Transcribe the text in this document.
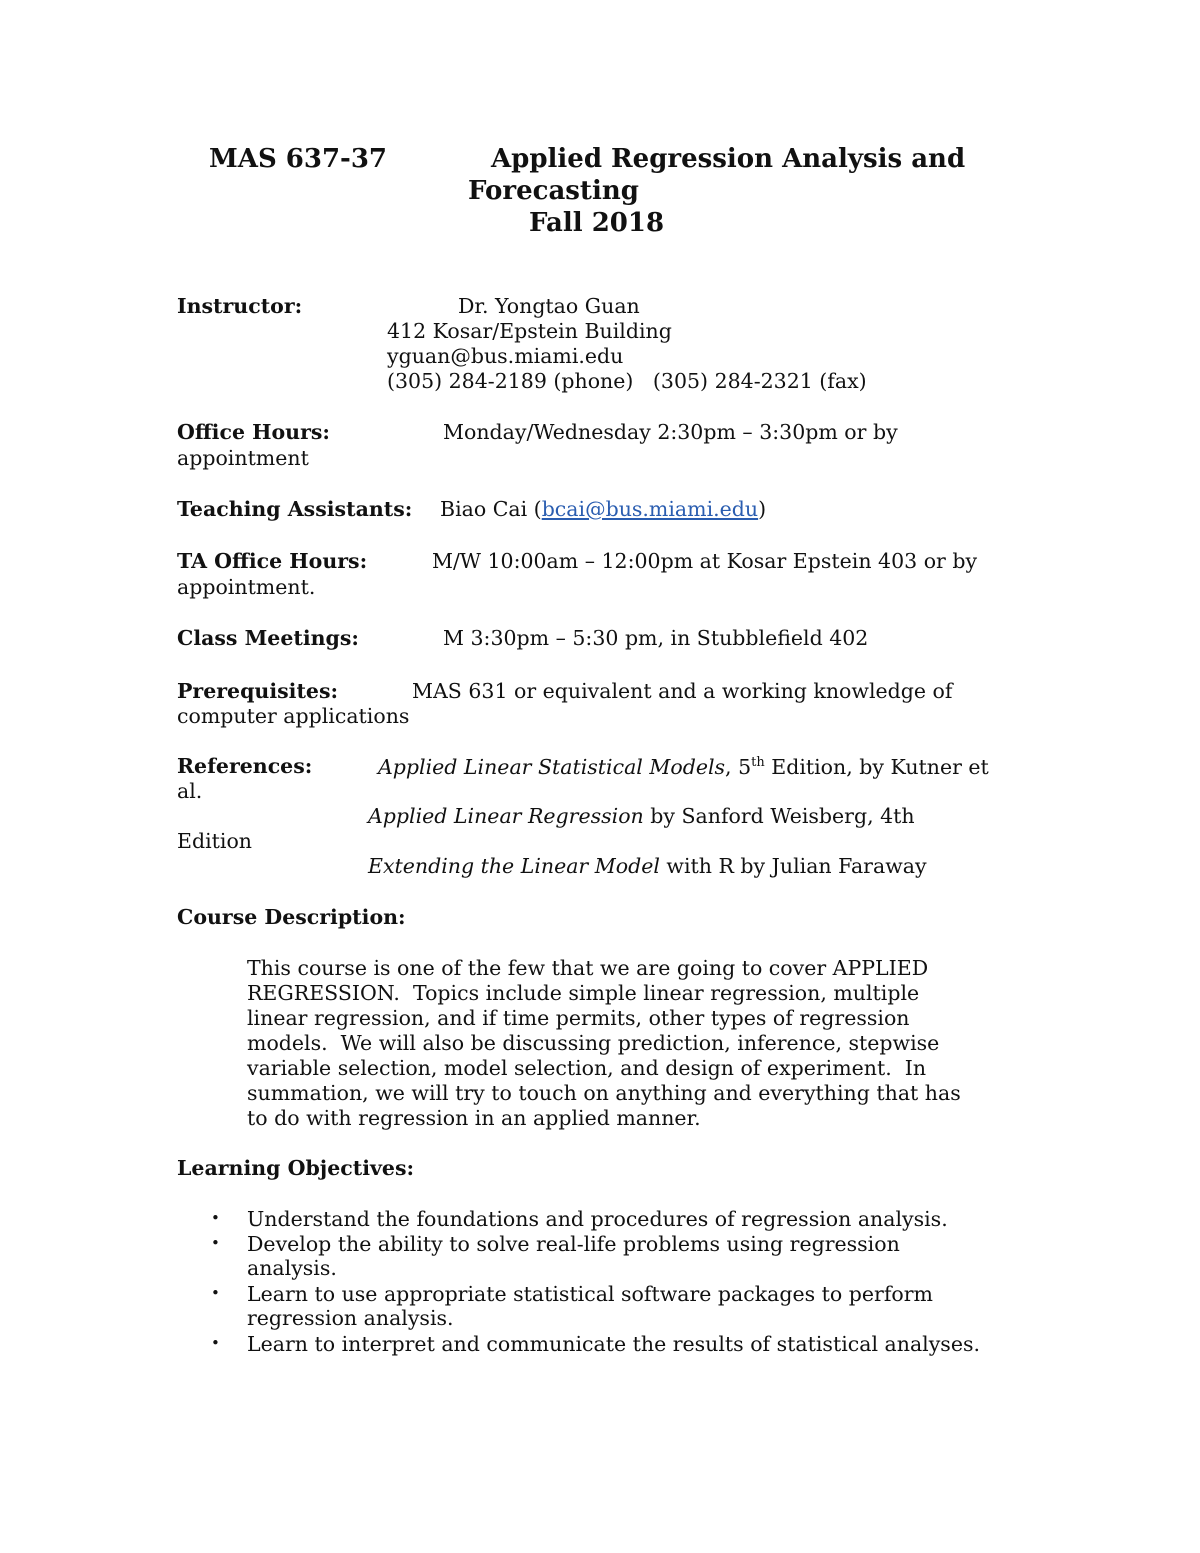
MAS 637-37	Applied Regression Analysis and
Forecasting
Fall 2018
Instructor:	Dr. Yongtao Guan
412 Kosar/Epstein Building
yguan@bus.miami.edu
(305) 284-2189 (phone)   (305) 284-2321 (fax)
Office Hours:	Monday/Wednesday 2:30pm – 3:30pm or by
appointment
Teaching Assistants: Biao Cai (bcai@bus.miami.edu)
TA Office Hours:	M/W 10:00am – 12:00pm at Kosar Epstein 403 or by
appointment.
Class Meetings:	M 3:30pm – 5:30 pm, in Stubblefield 402
Prerequisites:	MAS 631 or equivalent and a working knowledge of
computer applications
References:	Applied Linear Statistical Models, 5th Edition, by Kutner et
al.
Applied Linear Regression by Sanford Weisberg, 4th
Edition
Extending the Linear Model with R by Julian Faraway
Course Description:
This course is one of the few that we are going to cover APPLIED
REGRESSION.  Topics include simple linear regression, multiple
linear regression, and if time permits, other types of regression
models.  We will also be discussing prediction, inference, stepwise
variable selection, model selection, and design of experiment.  In
summation, we will try to touch on anything and everything that has
to do with regression in an applied manner.
Learning Objectives:
• Understand the foundations and procedures of regression analysis.
• Develop the ability to solve real-life problems using regression
analysis.
• Learn to use appropriate statistical software packages to perform
regression analysis.
• Learn to interpret and communicate the results of statistical analyses.
